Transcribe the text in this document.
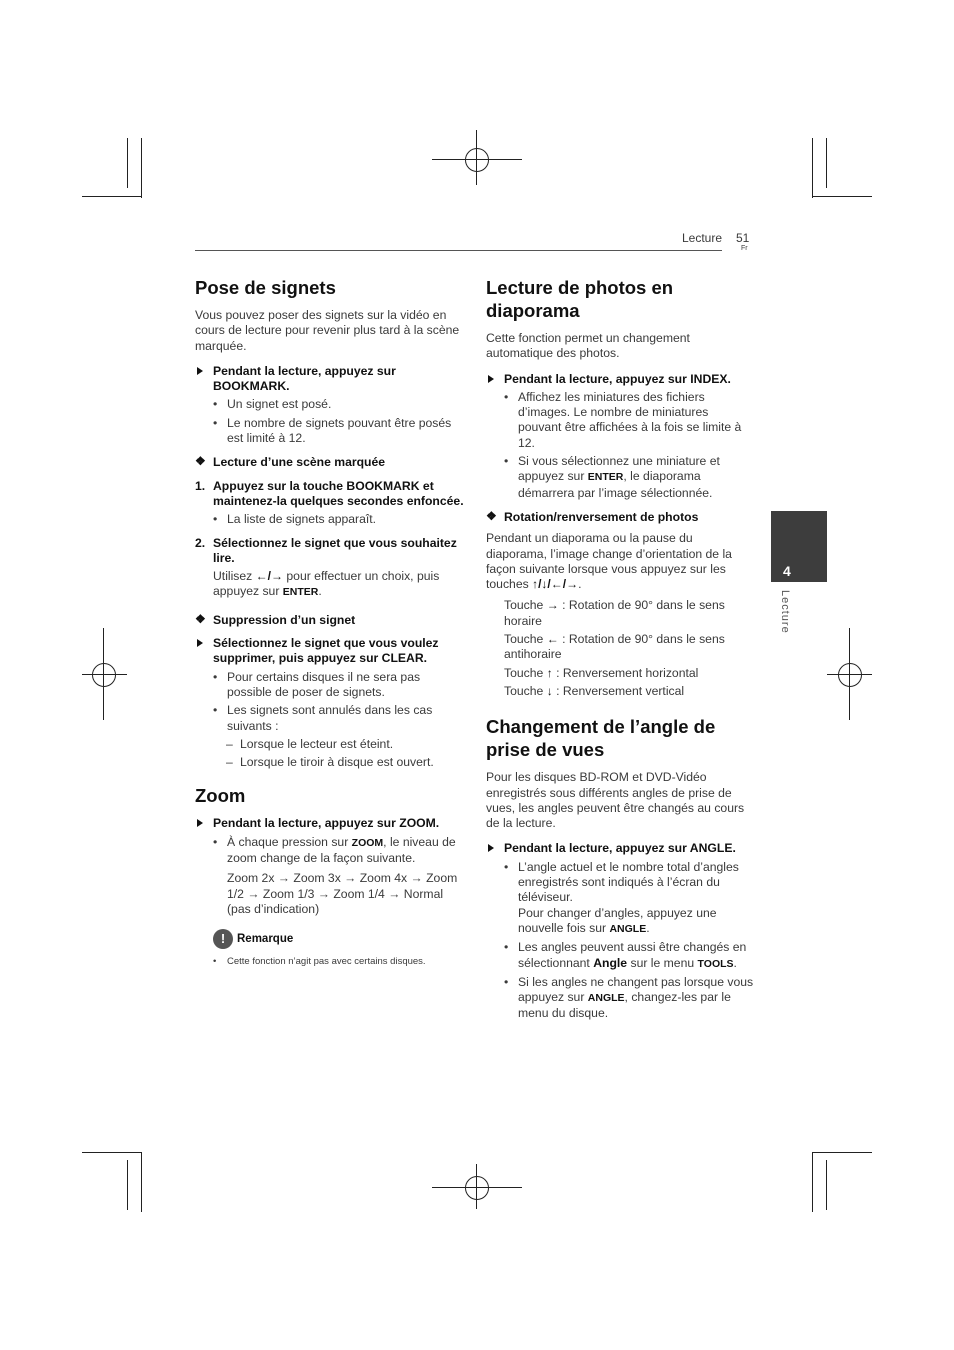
Lecture 51
Fr
4
Lecture
Pose de signets

Vous pouvez poser des signets sur la vidéo en cours de lecture pour revenir plus tard à la scène marquée.

Pendant la lecture, appuyez sur BOOKMARK.

• Un signet est posé.
• Le nombre de signets pouvant être posés est limité à 12.

❖ Lecture d’une scène marquée

1. Appuyez sur la touche BOOKMARK et maintenez-la quelques secondes enfoncée.

• La liste de signets apparaît.

2. Sélectionnez le signet que vous souhaitez lire.

Utilisez ←/→ pour effectuer un choix, puis appuyez sur ENTER.

❖ Suppression d’un signet

Sélectionnez le signet que vous voulez supprimer, puis appuyez sur CLEAR.

• Pour certains disques il ne sera pas possible de poser de signets.
• Les signets sont annulés dans les cas suivants :
– Lorsque le lecteur est éteint.
– Lorsque le tiroir à disque est ouvert.
Zoom

Pendant la lecture, appuyez sur ZOOM.

• À chaque pression sur ZOOM, le niveau de zoom change de la façon suivante.

Zoom 2x → Zoom 3x → Zoom 4x → Zoom 1/2 → Zoom 1/3 → Zoom 1/4 → Normal (pas d’indication)

!	Remarque

• Cette fonction n’agit pas avec certains disques.

Lecture de photos en diaporama

Cette fonction permet un changement automatique des photos.

Pendant la lecture, appuyez sur INDEX.

• Affichez les miniatures des fichiers d’images. Le nombre de miniatures pouvant être affichées à la fois se limite à 12.
• Si vous sélectionnez une miniature et appuyez sur ENTER, le diaporama démarrera par l’image sélectionnée.

❖ Rotation/renversement de photos

Pendant un diaporama ou la pause du diaporama, l’image change d’orientation de la façon suivante lorsque vous appuyez sur les touches ↑/↓/←/→.

Touche → : Rotation de 90° dans le sens horaire

Touche ← : Rotation de 90° dans le sens antihoraire

Touche ↑ : Renversement horizontal

Touche ↓ : Renversement vertical

Changement de l’angle de prise de vues

Pour les disques BD-ROM et DVD-Vidéo enregistrés sous différents angles de prise de vues, les angles peuvent être changés au cours de la lecture.

Pendant la lecture, appuyez sur ANGLE.

• L’angle actuel et le nombre total d’angles enregistrés sont indiqués à l’écran du téléviseur.
Pour changer d’angles, appuyez une nouvelle fois sur ANGLE.
• Les angles peuvent aussi être changés en sélectionnant Angle sur le menu TOOLS.
• Si les angles ne changent pas lorsque vous appuyez sur ANGLE, changez-les par le menu du disque.
